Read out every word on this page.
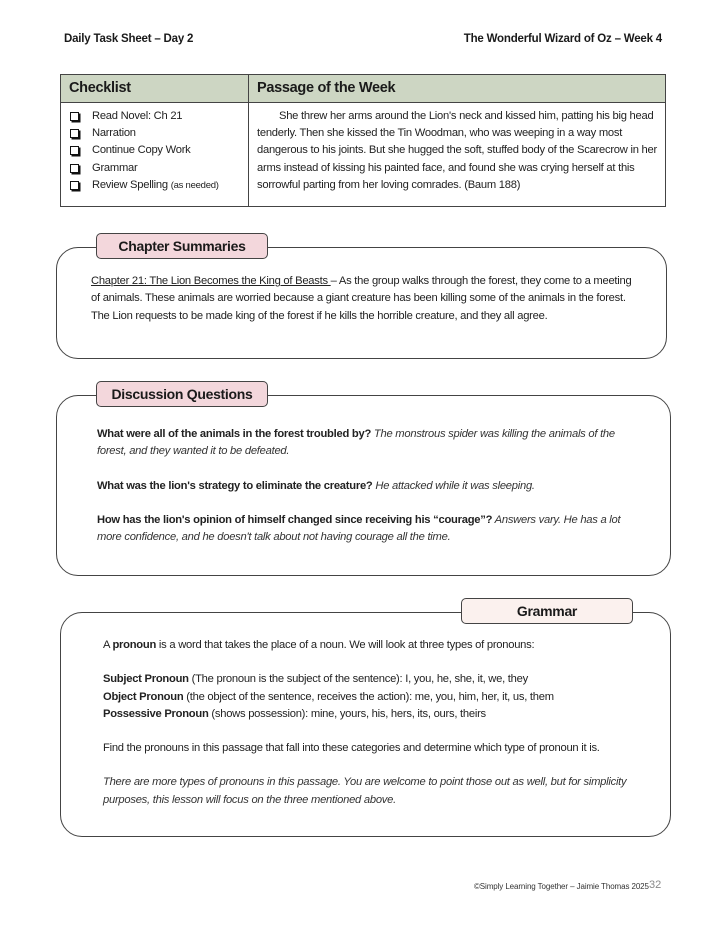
Daily Task Sheet – Day 2	The Wonderful Wizard of Oz – Week 4
Checklist	Passage of the Week
Read Novel: Ch 21
Narration
Continue Copy Work
Grammar
Review Spelling
(as needed)

She threw her arms around the Lion's neck and kissed him, patting his big head tenderly. Then she kissed the Tin Woodman, who was weeping in a way most dangerous to his joints. But she hugged the soft, stuffed body of the Scarecrow in her arms instead of kissing his painted face, and found she was crying herself at this sorrowful parting from her loving comrades. (Baum 188)

Chapter Summaries

Chapter 21: The Lion Becomes the King of Beasts – As the group walks through the forest, they come to a meeting of animals. These animals are worried because a giant creature has been killing some of the animals in the forest. The Lion requests to be made king of the forest if he kills the horrible creature, and they all agree.

Discussion Questions

What were all of the animals in the forest troubled by? The monstrous spider was killing the animals of the forest, and they wanted it to be defeated.

What was the lion's strategy to eliminate the creature? He attacked while it was sleeping.

How has the lion's opinion of himself changed since receiving his “courage”? Answers vary. He has a lot more confidence, and he doesn't talk about not having courage all the time.

Grammar

A pronoun is a word that takes the place of a noun. We will look at three types of pronouns:

Subject Pronoun (The pronoun is the subject of the sentence): I, you, he, she, it, we, they

Object Pronoun (the object of the sentence, receives the action): me, you, him, her, it, us, them

Possessive Pronoun (shows possession): mine, yours, his, hers, its, ours, theirs

Find the pronouns in this passage that fall into these categories and determine which type of pronoun it is.

There are more types of pronouns in this passage. You are welcome to point those out as well, but for simplicity purposes, this lesson will focus on the three mentioned above.

©Simply Learning Together – Jaimie Thomas 2025 32
